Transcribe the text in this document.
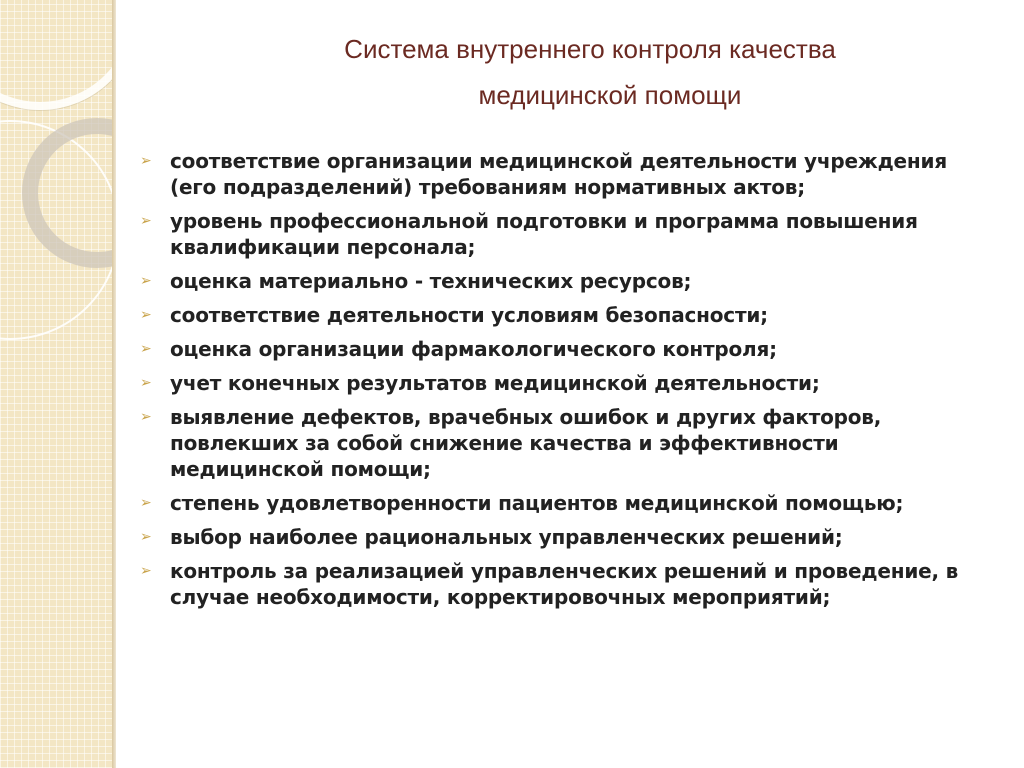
Система внутреннего контроля качества
медицинской помощи
➢ соответствие организации медицинской деятельности учреждения (его подразделений) требованиям нормативных актов;
➢ уровень профессиональной подготовки и программа повышения квалификации персонала;
➢ оценка материально - технических ресурсов;
➢ соответствие деятельности условиям безопасности;
➢ оценка организации фармакологического контроля;
➢ учет конечных результатов медицинской деятельности;
➢ выявление дефектов, врачебных ошибок и других факторов, повлекших за собой снижение качества и эффективности медицинской помощи;
➢ степень удовлетворенности пациентов медицинской помощью;
➢ выбор наиболее рациональных управленческих решений;
➢ контроль за реализацией управленческих решений и проведение, в случае необходимости, корректировочных мероприятий;
